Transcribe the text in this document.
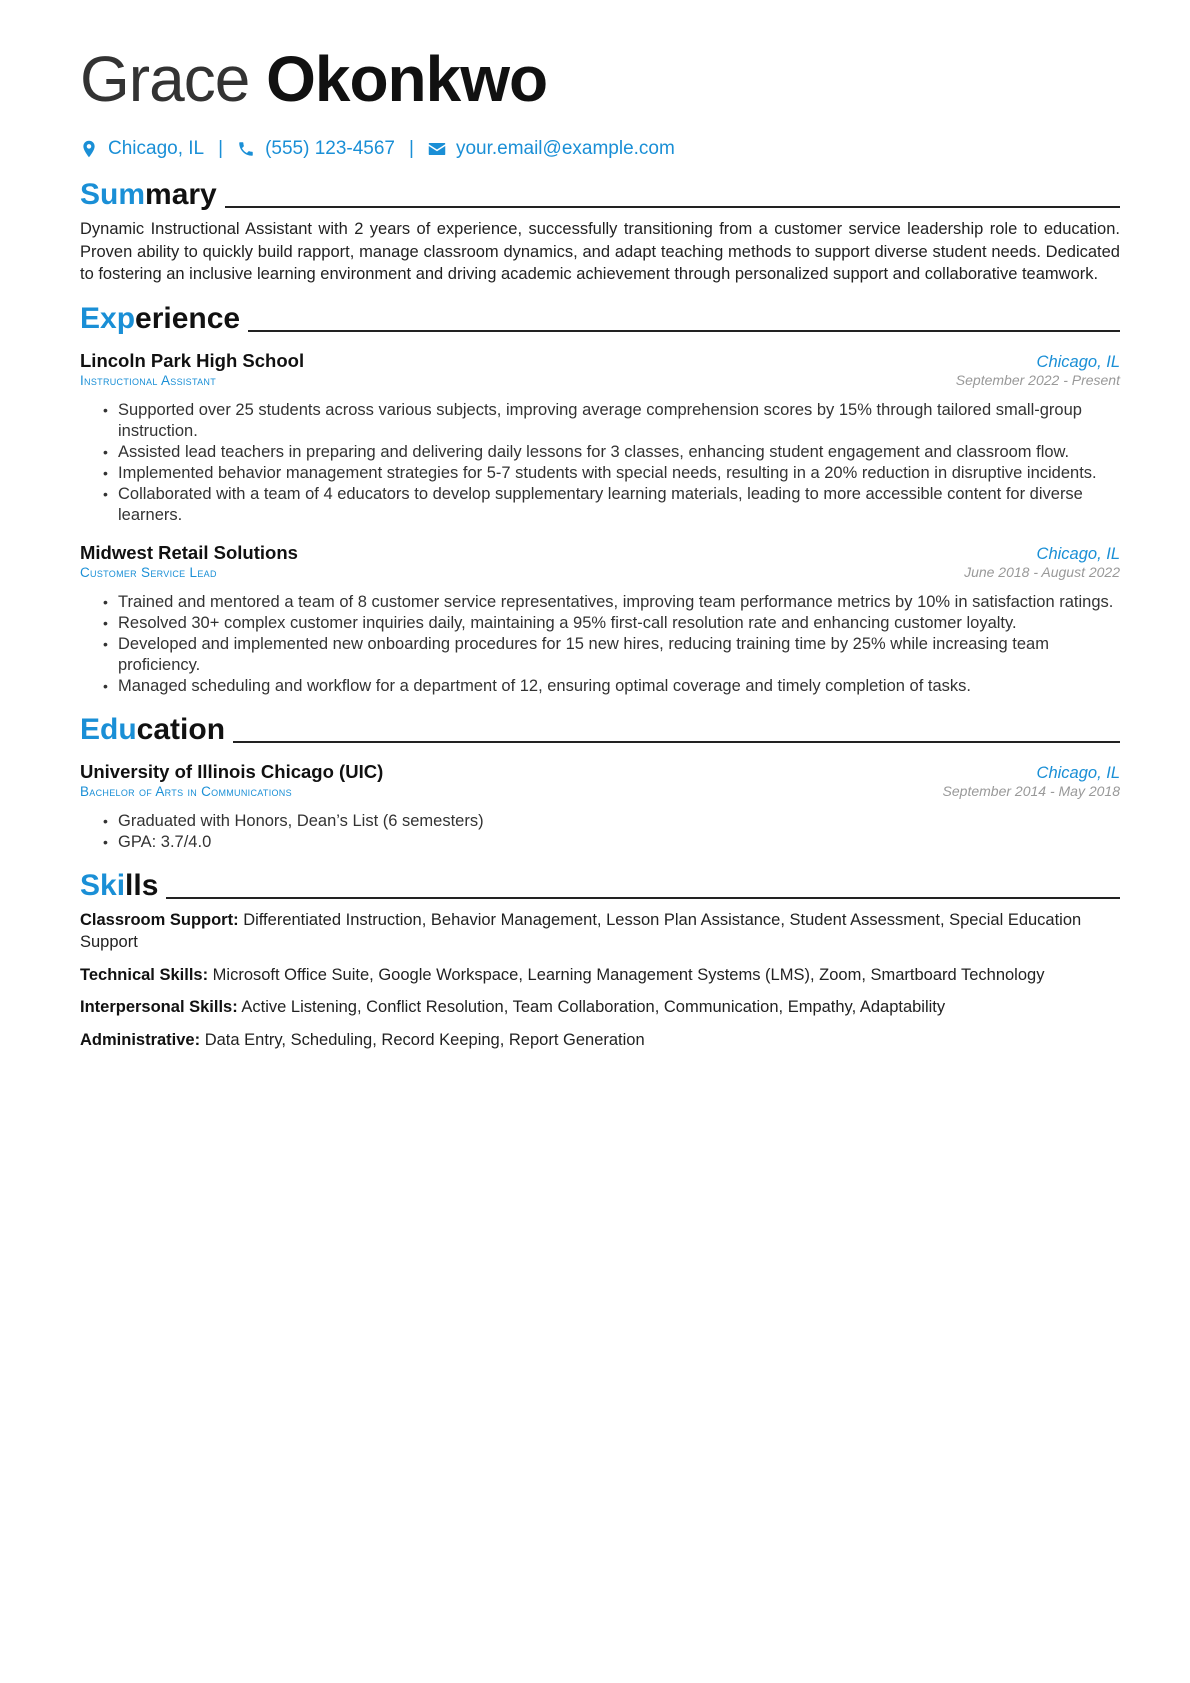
Grace Okonkwo
Chicago, IL | (555) 123-4567 | your.email@example.com
Summary
Dynamic Instructional Assistant with 2 years of experience, successfully transitioning from a customer service leadership role to education. Proven ability to quickly build rapport, manage classroom dynamics, and adapt teaching methods to support diverse student needs. Dedicated to fostering an inclusive learning environment and driving academic achievement through personalized support and collaborative teamwork.
Experience
Lincoln Park High School	Chicago, IL
Instructional Assistant	September 2022 - Present
• Supported over 25 students across various subjects, improving average comprehension scores by 15% through tailored small-group instruction.
• Assisted lead teachers in preparing and delivering daily lessons for 3 classes, enhancing student engagement and classroom flow.
• Implemented behavior management strategies for 5-7 students with special needs, resulting in a 20% reduction in disruptive incidents.
• Collaborated with a team of 4 educators to develop supplementary learning materials, leading to more accessible content for diverse learners.
Midwest Retail Solutions	Chicago, IL
Customer Service Lead	June 2018 - August 2022
• Trained and mentored a team of 8 customer service representatives, improving team performance metrics by 10% in satisfaction ratings.
• Resolved 30+ complex customer inquiries daily, maintaining a 95% first-call resolution rate and enhancing customer loyalty.
• Developed and implemented new onboarding procedures for 15 new hires, reducing training time by 25% while increasing team proficiency.
• Managed scheduling and workflow for a department of 12, ensuring optimal coverage and timely completion of tasks.
Education
University of Illinois Chicago (UIC)	Chicago, IL
Bachelor of Arts in Communications	September 2014 - May 2018
• Graduated with Honors, Dean’s List (6 semesters)
• GPA: 3.7/4.0
Skills
Classroom Support: Differentiated Instruction, Behavior Management, Lesson Plan Assistance, Student Assessment, Special Education Support
Technical Skills: Microsoft Office Suite, Google Workspace, Learning Management Systems (LMS), Zoom, Smartboard Technology
Interpersonal Skills: Active Listening, Conflict Resolution, Team Collaboration, Communication, Empathy, Adaptability
Administrative: Data Entry, Scheduling, Record Keeping, Report Generation
